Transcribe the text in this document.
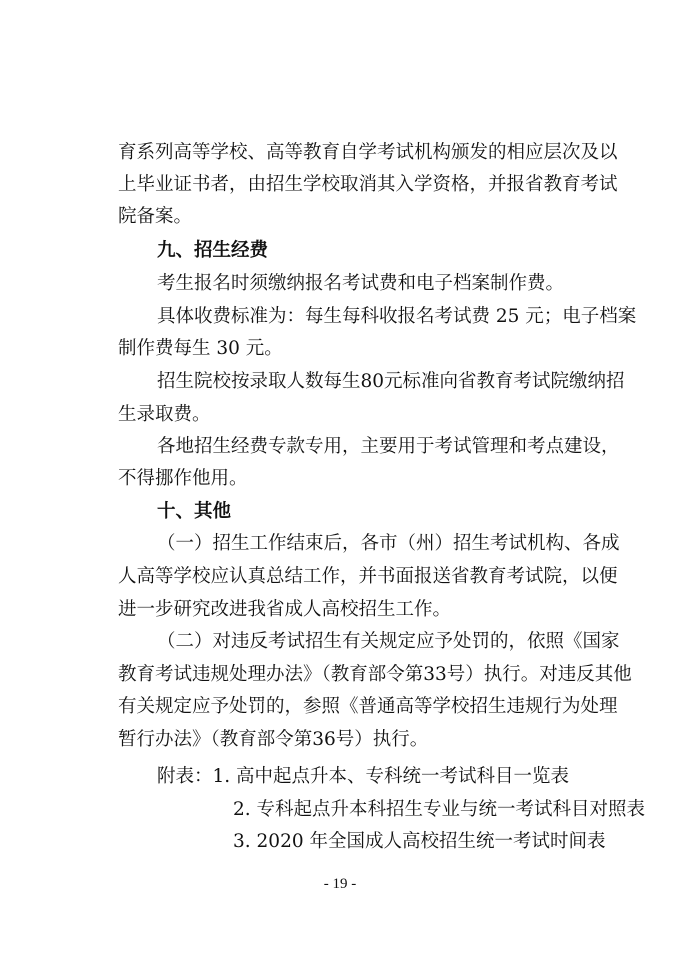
育系列高等学校、高等教育自学考试机构颁发的相应层次及以
上毕业证书者，由招生学校取消其入学资格，并报省教育考试
院备案。
九、招生经费
考生报名时须缴纳报名考试费和电子档案制作费。
具体收费标准为：每生每科收报名考试费 25 元；电子档案
制作费每生 30 元。
招生院校按录取人数每生80元标准向省教育考试院缴纳招
生录取费。
各地招生经费专款专用，主要用于考试管理和考点建设，
不得挪作他用。
十、其他
（一）招生工作结束后，各市（州）招生考试机构、各成
人高等学校应认真总结工作，并书面报送省教育考试院，以便
进一步研究改进我省成人高校招生工作。
（二）对违反考试招生有关规定应予处罚的，依照《国家
教育考试违规处理办法》（教育部令第33号）执行。对违反其他
有关规定应予处罚的，参照《普通高等学校招生违规行为处理
暂行办法》（教育部令第36号）执行。
附表：1. 高中起点升本、专科统一考试科目一览表
2. 专科起点升本科招生专业与统一考试科目对照表
3. 2020 年全国成人高校招生统一考试时间表
- 19 -
